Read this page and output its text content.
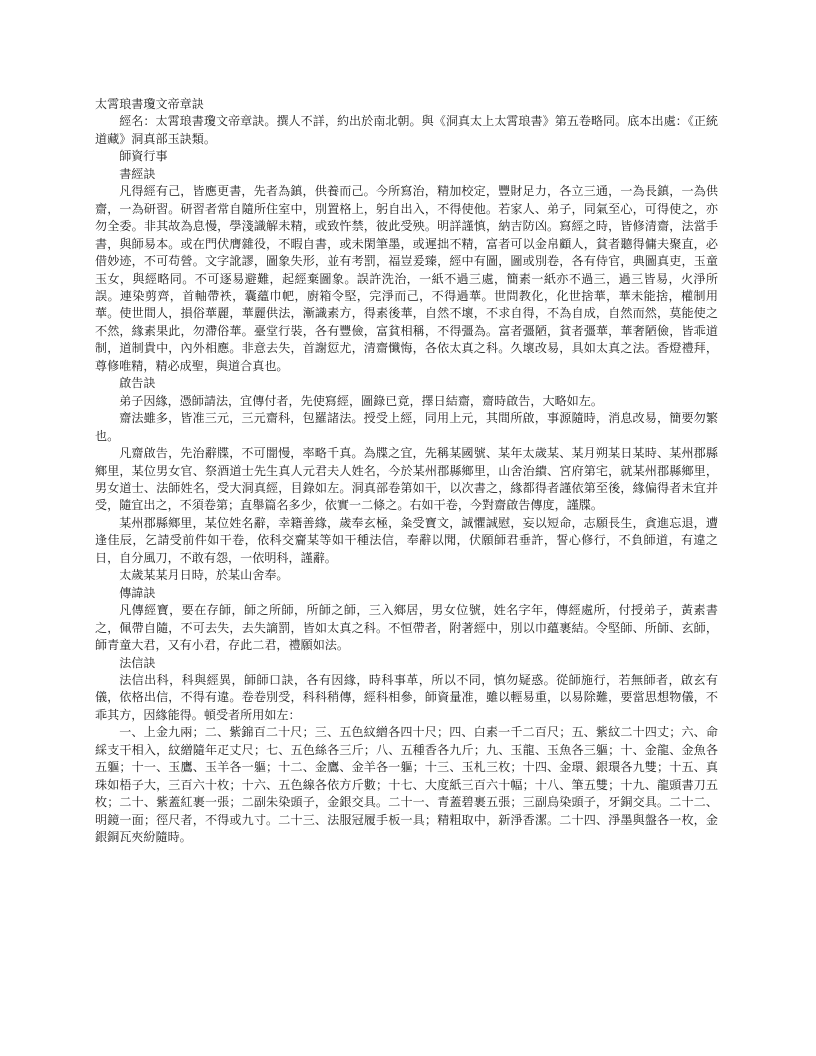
太霄琅書瓊文帝章訣
經名：太霄琅書瓊文帝章訣。撰人不詳，約出於南北朝。與《洞真太上太霄琅書》第五卷略同。底本出處：《正統道藏》洞真部玉訣類。
師資行事
書經訣
凡得經有己，皆應更書，先者為鎮，供養而己。今所寫治，精加校定，豐財足力，各立三通，一為長鎮，一為供齋，一為研習。研習者常自隨所住室中，別置格上，躬自出入，不得使他。若家人、弟子，同氣至心，可得使之，亦勿全委。非其故為息慢，學淺識解未精，或致忤禁，彼此受殃。明詳謹慎，納吉防凶。寫經之時，皆修清齋，法當手書，與師易本。或在門伏膺雜役，不暇自書，或未閑筆墨，或遲拙不精，富者可以金帛顧人，貧者聽得傭夫聚直，必借妙迹，不可苟營。文字訛謬，圖象失形，並有考罰，福豈爰臻，經中有圖，圖或別卷，各有侍官，典圖真吏，玉童玉女，與經略同。不可逐易避難，起經棄圖象。誤許洗治，一紙不過三處，簡素一紙亦不過三，過三皆易，火淨所誤。連染剪齊，首軸帶袟，囊蘊巾帊，廚箱令堅，完淨而己，不得過華。世問教化，化世捨華，華未能捨，權制用華。使世間人，損俗華麗，華麗供法，漸識素方，得素後華，自然不壞，不求自得，不為自成，自然而然，莫能使之不然，緣素果此，勿滯俗華。臺堂行裝，各有豐儉，富貧相稱，不得彊為。富者彊陋，貧者彊華，華奢陋儉，皆乖道制，道制貴中，內外相應。非意去失，首謝愆尤，清齋懺悔，各依太真之科。久壞改易，具如太真之法。香燈禮拜，尊修唯精，精必成聖，與道合真也。
啟告訣
弟子因緣，憑師請法，宜傳付者，先使寫經，圖錄已竟，擇日結齋，齋時啟告，大略如左。
齋法雖多，皆准三元，三元齋科，包羅諸法。授受上經，同用上元，其間所啟，事源隨時，消息改易，簡要勿繁也。
凡齋啟告，先治辭牒，不可闇慢，率略千真。為牒之宜，先稱某國號、某年太歲某、某月朔某日某時、某州郡縣鄉里，某位男女官、祭酒道士先生真人元君夫人姓名，今於某州郡縣鄉里，山舍治繢、宮府第宅，就某州郡縣鄉里，男女道士、法師姓名，受大洞真經，目錄如左。洞真部卷第如干，以次書之，緣都得者謹依第至後，緣偏得者未宜并受，隨宜出之，不須卷第；直舉篇名多少，依實一二條之。右如干卷，今對齋啟告傳度，謹牒。
某州郡縣鄉里，某位姓名辭，幸籍善緣，歲奉玄極，粂受寶文，誠懼誠慰，妄以短命，志願長生，貪進忘退，遭逢佳辰，乞請受前件如干卷，依科交齎某等如干種法信，奉辭以聞，伏願師君垂許，誓心修行，不負師道，有違之日，自分風刀，不敢有怨，一依明科，謹辭。
太歲某某月日時，於某山舍奉。
傳諱訣
凡傳經寶，要在存師，師之所師，所師之師，三入鄉居，男女位號，姓名字年，傳經處所，付授弟子，黃素書之，佩帶自隨，不可去失，去失謫罰，皆如太真之科。不恒帶者，附著經中，別以巾蘊裹結。令堅師、所師、玄師，師青童大君，又有小君，存此二君，禮願如法。
法信訣
法信出科，科與經異，師師口訣，各有因緣，時科事革，所以不同，慎勿疑惑。從師施行，若無師者，啟玄有儀，依格出信，不得有違。卷卷別受，科科稍傳，經科相參，師資量准，雖以輕易重，以易除難，要當思想物儀，不乖其方，因緣能得。頓受者所用如左：
一、上金九兩；二、紫錦百二十尺；三、五色紋繒各四十尺；四、白素一千二百尺；五、紫紋二十四丈；六、命綵支干相入，紋繒隨年疋丈尺；七、五色絲各三斤；八、五種香各九斤；九、玉龍、玉魚各三軀；十、金龍、金魚各五軀；十一、玉鷹、玉羊各一軀；十二、金鷹、金羊各一軀；十三、玉札三枚；十四、金環、銀環各九雙；十五、真珠如梧子大，三百六十枚；十六、五色線各依方斤數；十七、大度紙三百六十幅；十八、筆五雙；十九、龍頭書刀五枚；二十、紫蓋紅裹一張；二副朱染頭子，金銀交具。二十一、青蓋碧裹五張；三副烏染頭子，牙銅交具。二十二、明鏡一面；徑尺者，不得或九寸。二十三、法服冠履手板一具；精粗取中，新淨香潔。二十四、淨墨與盤各一枚，金銀銅瓦夾紛隨時。
